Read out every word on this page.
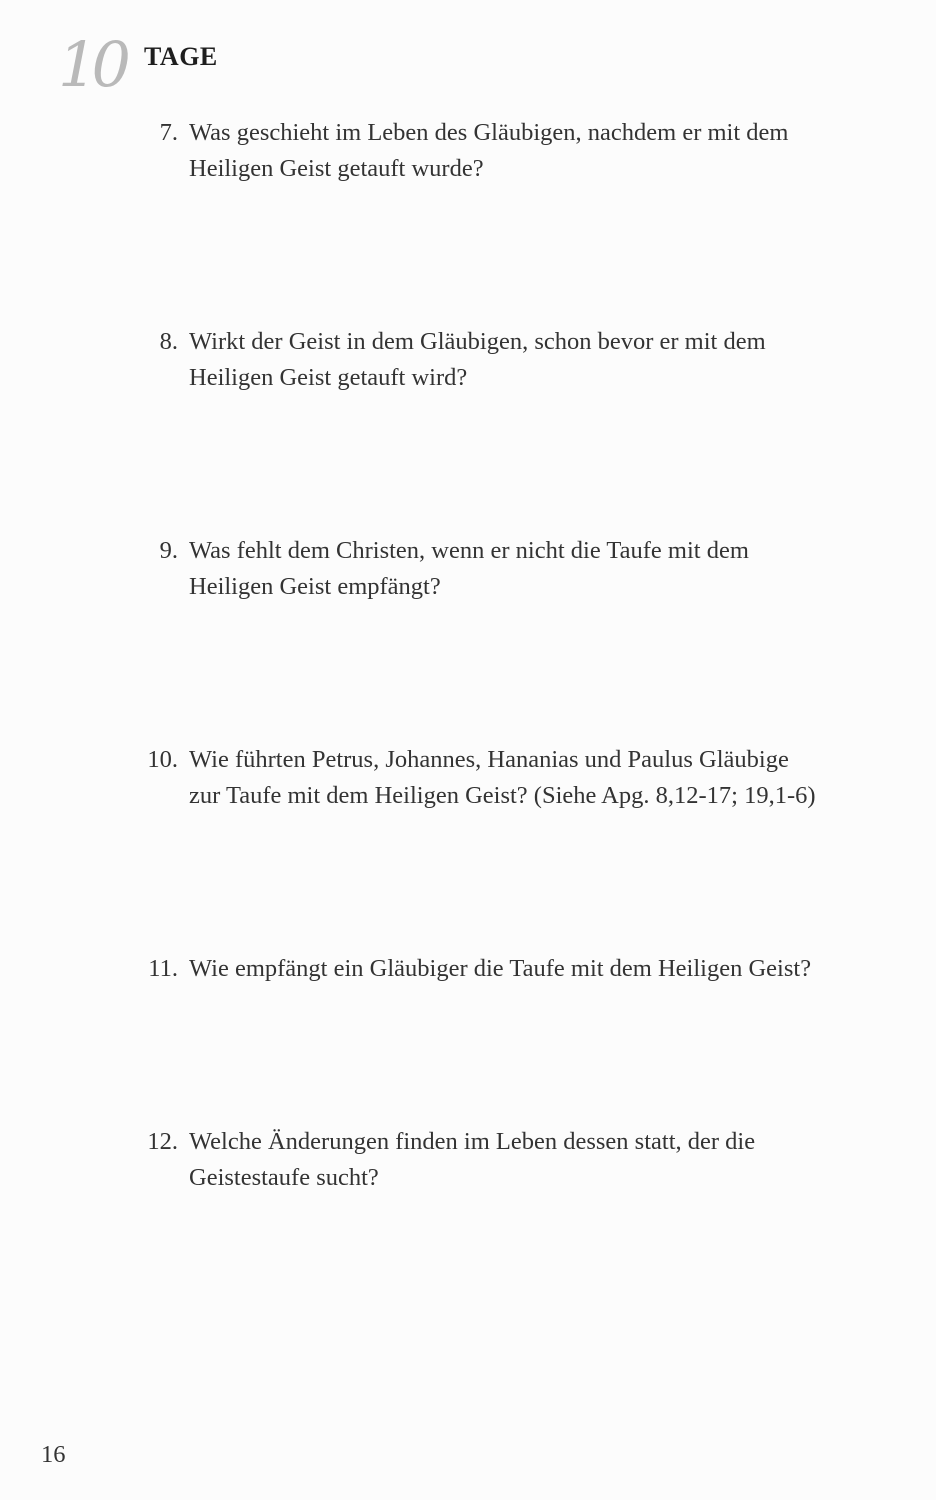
10 TAGE
7. Was geschieht im Leben des Gläubigen, nachdem er mit dem
Heiligen Geist getauft wurde?
8. Wirkt der Geist in dem Gläubigen, schon bevor er mit dem
Heiligen Geist getauft wird?
9. Was fehlt dem Christen, wenn er nicht die Taufe mit dem
Heiligen Geist empfängt?
10. Wie führten Petrus, Johannes, Hananias und Paulus Gläubige
zur Taufe mit dem Heiligen Geist? (Siehe Apg. 8,12-17; 19,1-6)
11. Wie empfängt ein Gläubiger die Taufe mit dem Heiligen Geist?
12. Welche Änderungen finden im Leben dessen statt, der die
Geistestaufe sucht?
16
